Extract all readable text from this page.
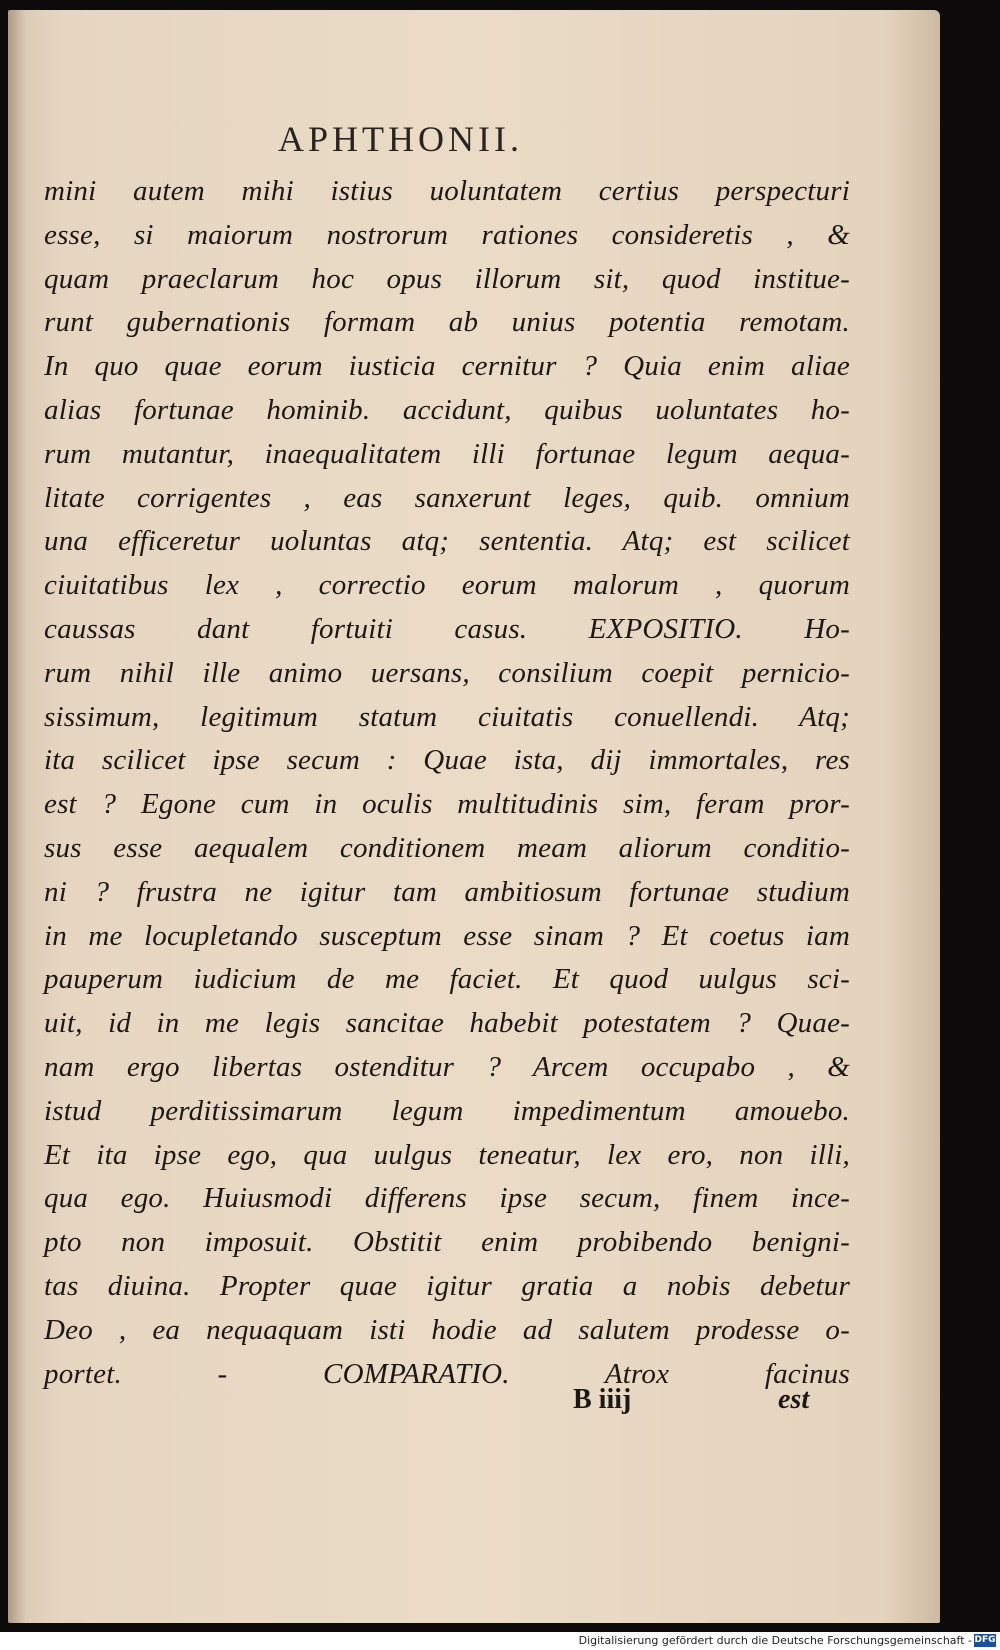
APHTHONII.
mini autem mihi istius uoluntatem certius perspecturi
esse, si maiorum nostrorum rationes consideretis , &
quam praeclarum hoc opus illorum sit, quod institue-
runt gubernationis formam ab unius potentia remotam.
In quo quae eorum iusticia cernitur ? Quia enim aliae
alias fortunae hominib. accidunt, quibus uoluntates ho-
rum mutantur, inaequalitatem illi fortunae legum aequa-
litate corrigentes , eas sanxerunt leges, quib. omnium
una efficeretur uoluntas atq; sententia. Atq; est scilicet
ciuitatibus lex , correctio eorum malorum , quorum
caussas dant fortuiti casus. EXPOSITIO. Ho-
rum nihil ille animo uersans, consilium coepit pernicio-
sissimum, legitimum statum ciuitatis conuellendi. Atq;
ita scilicet ipse secum : Quae ista, dij immortales, res
est ? Egone cum in oculis multitudinis sim, feram pror-
sus esse aequalem conditionem meam aliorum conditio-
ni ? frustra ne igitur tam ambitiosum fortunae studium
in me locupletando susceptum esse sinam ? Et coetus iam
pauperum iudicium de me faciet. Et quod uulgus sci-
uit, id in me legis sancitae habebit potestatem ? Quae-
nam ergo libertas ostenditur ? Arcem occupabo , &
istud perditissimarum legum impedimentum amouebo.
Et ita ipse ego, qua uulgus teneatur, lex ero, non illi,
qua ego. Huiusmodi differens ipse secum, finem ince-
pto non imposuit. Obstitit enim probibendo benigni-
tas diuina. Propter quae igitur gratia a nobis debetur
Deo , ea nequaquam isti hodie ad salutem prodesse o-
portet. - COMPARATIO. Atrox facinus
B iiij	est
Digitalisierung gefördert durch die Deutsche Forschungsgemeinschaft - DFG
